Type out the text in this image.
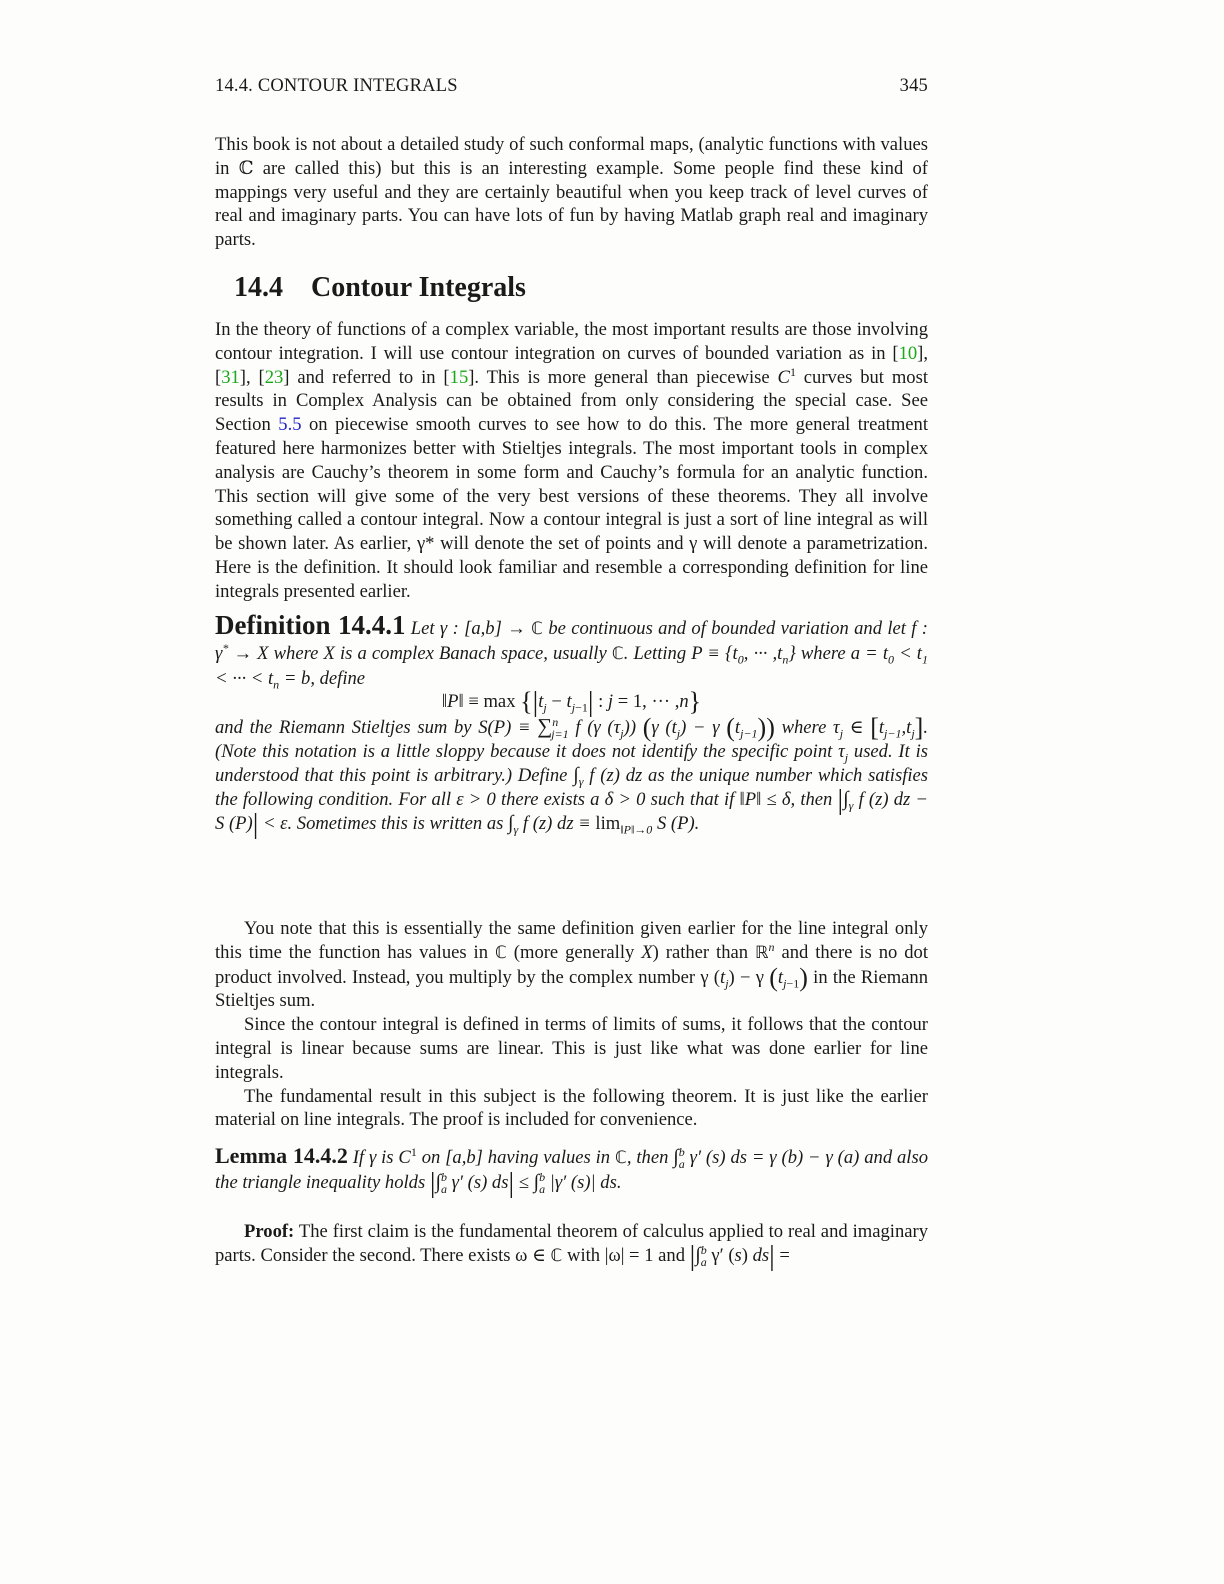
14.4. CONTOUR INTEGRALS	345

This book is not about a detailed study of such conformal maps, (analytic functions with values in ℂ are called this) but this is an interesting example. Some people find these kind of mappings very useful and they are certainly beautiful when you keep track of level curves of real and imaginary parts. You can have lots of fun by having Matlab graph real and imaginary parts.

14.4 Contour Integrals

In the theory of functions of a complex variable, the most important results are those involving contour integration. I will use contour integration on curves of bounded variation as in [10], [31], [23] and referred to in [15]. This is more general than piecewise $C^1$ curves but most results in Complex Analysis can be obtained from only considering the special case. See Section 5.5 on piecewise smooth curves to see how to do this. The more general treatment featured here harmonizes better with Stieltjes integrals. The most important tools in complex analysis are Cauchy’s theorem in some form and Cauchy’s formula for an analytic function. This section will give some of the very best versions of these theorems. They all involve something called a contour integral. Now a contour integral is just a sort of line integral as will be shown later. As earlier, γ* will denote the set of points and γ will denote a parametrization. Here is the definition. It should look familiar and resemble a corresponding definition for line integrals presented earlier.

Definition 14.4.1 Let γ : [a,b] → ℂ be continuous and of bounded variation and let f : γ* → X where X is a complex Banach space, usually ℂ. Letting $P \equiv \{t_0$, ··· $,t_n$} where $a = t_0 < t_1$ < ··· < $t_n = b$, define

‖P‖ ≡ $\max \{|t_j - t_{j-1}|$ : j = 1, ··· ,n}

and the Riemann Stieltjes sum by S(P) ≡ ∑$^n_{j=1}$ f (γ $(\tau_j)$) (γ $(t_j) - \gamma$ $(t_{j-1})$) where $\tau_j$ ∈ $[t_{j-1},t_j]$. (Note this notation is a little sloppy because it does not identify the specific point $\tau_j$ used. It is understood that this point is arbitrary.) Define $\int_\gamma$ f (z) dz as the unique number which satisfies the following condition. For all ε > 0 there exists a δ > 0 such that if ‖P‖ ≤ δ, then $|\int_\gamma$ f (z) dz − S (P)| < ε. Sometimes this is written as $\int_\gamma$ f (z) dz ≡ $\lim_{‖P‖\to 0} S$ (P).

You note that this is essentially the same definition given earlier for the line integral only this time the function has values in ℂ (more generally X) rather than ℝ$^n$ and there is no dot product involved. Instead, you multiply by the complex number γ $(t_j) - \gamma$ $(t_{j-1})$ in the Riemann Stieltjes sum.

Since the contour integral is defined in terms of limits of sums, it follows that the contour integral is linear because sums are linear. This is just like what was done earlier for line integrals.

The fundamental result in this subject is the following theorem. It is just like the earlier material on line integrals. The proof is included for convenience.

Lemma 14.4.2 If γ is $C^1$ on [a,b] having values in ℂ, then ∫$^b_a$ γ′ (s) ds = γ (b) − γ (a) and also the triangle inequality holds |∫$^b_a$ γ′ (s) ds| ≤ ∫$^b_a$ |γ′ (s)| ds.

Proof: The first claim is the fundamental theorem of calculus applied to real and imaginary parts. Consider the second. There exists ω ∈ ℂ with |ω| = 1 and |∫$^b_a$ γ′ (s) ds| =
